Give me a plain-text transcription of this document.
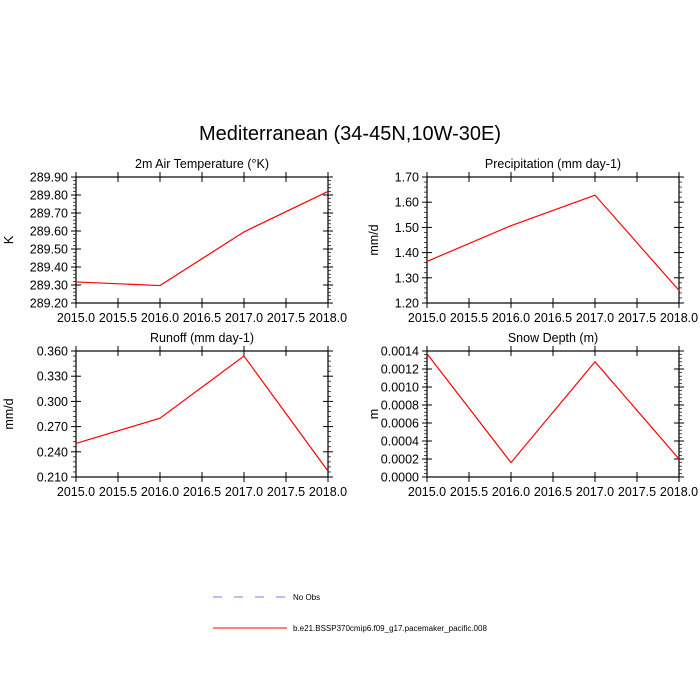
Mediterranean (34-45N,10W-30E)
2m Air Temperature (°K)
2015.0 2015.5 2016.0 2016.5 2017.0 2017.5 2018.0
289.20
289.30
289.40
289.50
289.60
289.70
289.80
289.90
K
Precipitation (mm day-1)
2015.0 2015.5 2016.0 2016.5 2017.0 2017.5 2018.0
1.20
1.30
1.40
1.50
1.60
1.70
mm/d
Runoff (mm day-1)
2015.0 2015.5 2016.0 2016.5 2017.0 2017.5 2018.0
0.210
0.240
0.270
0.300
0.330
0.360
mm/d
Snow Depth (m)
2015.0 2015.5 2016.0 2016.5 2017.0 2017.5 2018.0
0.0000
0.0002
0.0004
0.0006
0.0008
0.0010
0.0012
0.0014
m
No Obs
b.e21.BSSP370cmip6.f09_g17.pacemaker_pacific.008
